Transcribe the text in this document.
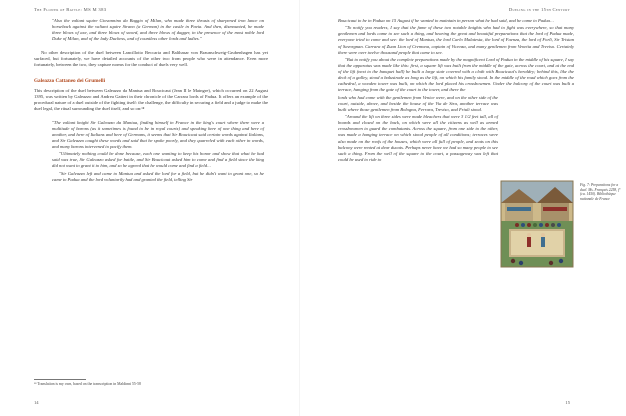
The Flower of Battle: MS M 383

"Also the valiant squire Giovannino da Baggio of Milan, who made three thrusts of sharpened iron lance on horseback against the valiant squire Sirano (a German) in the castle in Pavia. And then, dismounted, he made three blows of axe, and three blows of sword, and three blows of dagger, in the presence of the most noble lord Duke of Milan, and of the lady Duchess, and of countless other lords and ladies."

No other description of the duel between Lancillotto Beccaria and Balthasar von Braunschweig-Grubenhagen has yet surfaced, but fortunately, we have detailed accounts of the other two from people who were in attendance. Even more fortunately, between the two, they capture norms for the conduct of duels very well.

Galeazzo Cattaneo dei Grumelli

This description of the duel between Galeazzo da Mantua and Boucicaut (Jean II le Maingre), which occurred on 22 August 1395, was written by Galeazzo and Andrea Gatteri in their chronicle of the Carrara lords of Padua. It offers an example of the procedural nature of a duel outside of the fighting itself: the challenge, the difficulty in securing a field and a judge to make the duel legal, the ritual surrounding the duel itself, and so on:¹⁸

"The valiant knight Sir Galeazzo da Mantua, finding himself in France in the king's court where there were a multitude of barons (as it sometimes is found to be in royal courts) and speaking here of one thing and here of another, and here of Italians and here of Germans, it seems that Sir Boucicaut said certain words against Italians, and Sir Galeazzo caught these words and said that he spoke poorly, and they quarreled with each other in words, and many barons intervened to pacify them.

"Ultimately nothing could be done because, each one wanting to keep his honor and show that what he had said was true, Sir Galeazzo asked for battle, and Sir Boucicaut asked him to come and find a field since the king did not want to grant it to him, and so he agreed that he would come and find a field…

"Sir Galeazzo left and came to Mantua and asked the lord for a field, but he didn't want to grant one, so he came to Padua and the lord voluntarily had and granted the field, telling Sir

¹⁸ Translation is my own, based on the transcription in Maldinni 55-58
14
Dueling in the 15th Century

Boucicaut to be in Padua on 15 August if he wanted to maintain in person what he had said, and he came to Padua…

"To notify you readers, I say that the fame of these two notable knights who had to fight was everywhere, so that many gentlemen and lords came to see such a thing, and hearing the great and beautiful preparations that the lord of Padua made, everyone tried to come and see: the lord of Mantua, the lord Carlo Malatesta, the lord of Faenza, the lord of Forlì, Sir Tristan of Savorgnan. Carrara of Zuan Lion of Cremona, captain of Vicenza, and many gentlemen from Venetia and Treviso. Certainly there were over twelve thousand people that came to see.

"But to notify you about the complete preparations made by the magnificent Lord of Padua in the middle of his square, I say that the apparatus was made like this: first, a square lift was built from the middle of the gate, across the court, and at the end of the lift (next to the banquet hall) he built a large stair covered with a cloth with Boucicaut's heraldry; behind this, like the deck of a galley, stood a balustrade as long as the lift, on which his family stood. In the middle of the road which goes from the cathedral, a wooden tower was built, on which the lord placed his crossbowmen. Under the balcony of the court was built a terrace, hanging from the gate of the court to the tower, and there the

lords who had come with the gentlemen from Venice were, and on the other side of the court, outside, above, and beside the house of the Via de Stra, another terrace was built where those gentlemen from Bologna, Ferrara, Treviso, and Friuli stood.

"Around the lift on three sides were made bleachers that were 3 1/2 feet tall, all of boards and closed on the back, on which were all the citizens as well as armed crossbowmen to guard the combatants. Across the square, from one side to the other, was made a hanging terrace on which stood people of all conditions; terraces were also made on the roofs of the houses, which were all full of people, and seats on this balcony were rented at dear ducats. Perhaps never have we had so many people to see such a thing. From the well of the square to the court, a passageway was left that could be used to ride to

Fig. 7: Preparations for a duel. Ms. Français 2258, f° (ca. 1450). Bibliothèque nationale de France
15
